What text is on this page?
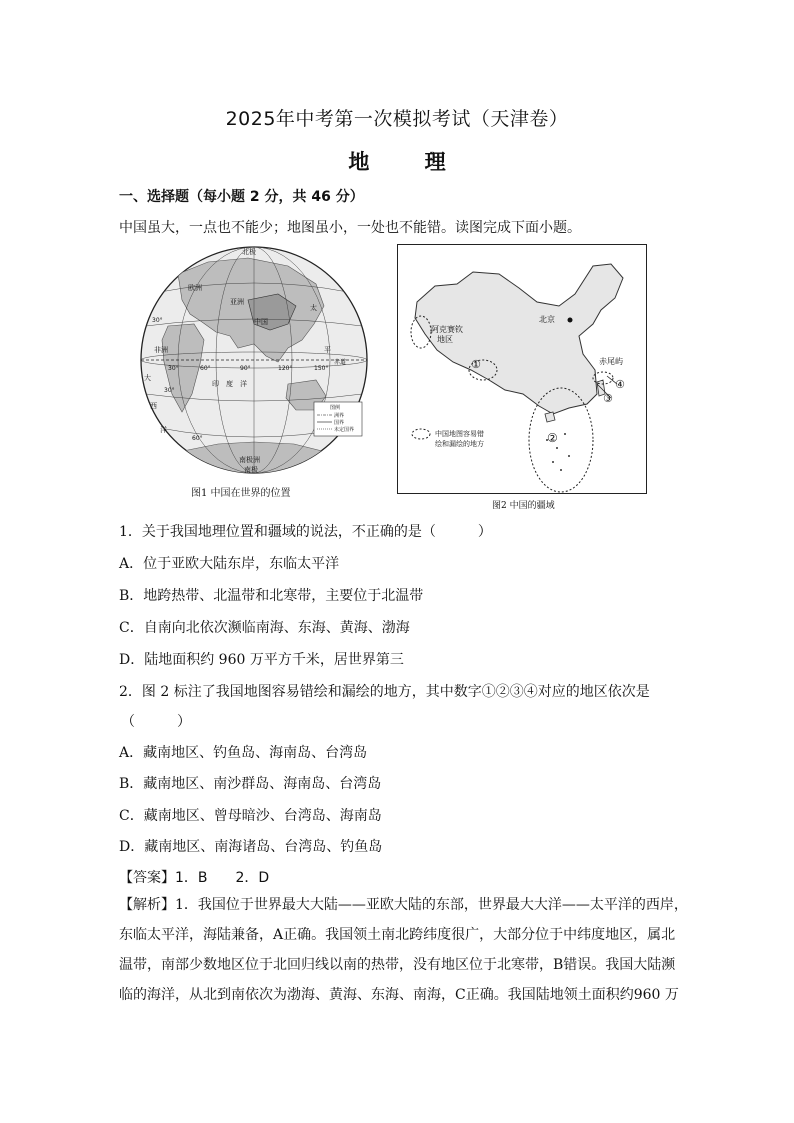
2025年中考第一次模拟考试（天津卷）
地 理
一、选择题（每小题 2 分，共 46 分）
中国虽大，一点也不能少；地图虽小，一处也不能错。读图完成下面小题。
北极
南极洲
南极
欧洲
亚洲
中国
非洲
太
平
大
西
洋
印　度　洋
赤道
30°
30°
60°
30°	60°	90°	120°	150°
图例
洲界
国界
未定国界
图1 中国在世界的位置
北京
阿克赛钦
地区
赤尾屿
①
②
③
④
中国地图容易错
绘和漏绘的地方
图2 中国的疆域
1．关于我国地理位置和疆域的说法，不正确的是（　　　）
A．位于亚欧大陆东岸，东临太平洋
B．地跨热带、北温带和北寒带，主要位于北温带
C．自南向北依次濒临南海、东海、黄海、渤海
D．陆地面积约 960 万平方千米，居世界第三
2．图 2 标注了我国地图容易错绘和漏绘的地方，其中数字①②③④对应的地区依次是
（　　　）
A．藏南地区、钓鱼岛、海南岛、台湾岛
B．藏南地区、南沙群岛、海南岛、台湾岛
C．藏南地区、曾母暗沙、台湾岛、海南岛
D．藏南地区、南海诸岛、台湾岛、钓鱼岛
【答案】1．B　　2．D
【解析】1．我国位于世界最大大陆——亚欧大陆的东部，世界最大大洋——太平洋的西岸，
东临太平洋，海陆兼备，A正确。我国领土南北跨纬度很广，大部分位于中纬度地区，属北
温带，南部少数地区位于北回归线以南的热带，没有地区位于北寒带，B错误。我国大陆濒
临的海洋，从北到南依次为渤海、黄海、东海、南海，C正确。我国陆地领土面积约960 万
